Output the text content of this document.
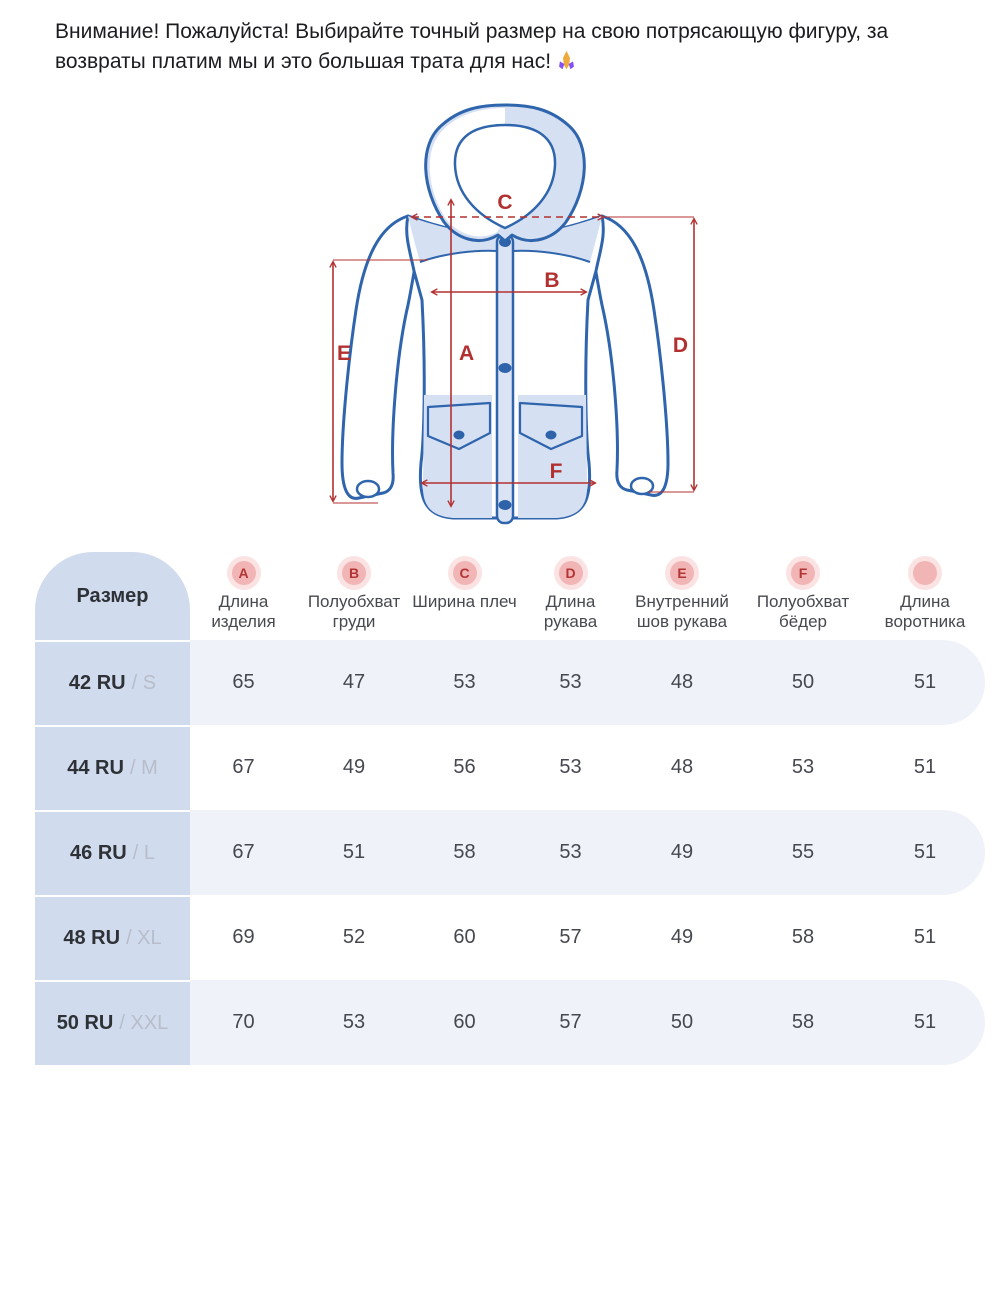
Внимание! Пожалуйста! Выбирайте точный размер на свою потрясающую фигуру, за возвраты платим мы и это большая трата для нас!
C
B
A
E	D
F
Размер
A
Длина изделия
B
Полуобхват груди
C
Ширина плеч
D
Длина рукава
E
Внутренний шов рукава
F
Полуобхват бёдер
Длина воротника
42 RU / S	65	47	53	53	48	50	51
44 RU / M	67	49	56	53	48	53	51
46 RU / L	67	51	58	53	49	55	51
48 RU / XL	69	52	60	57	49	58	51
50 RU / XXL	70	53	60	57	50	58	51
